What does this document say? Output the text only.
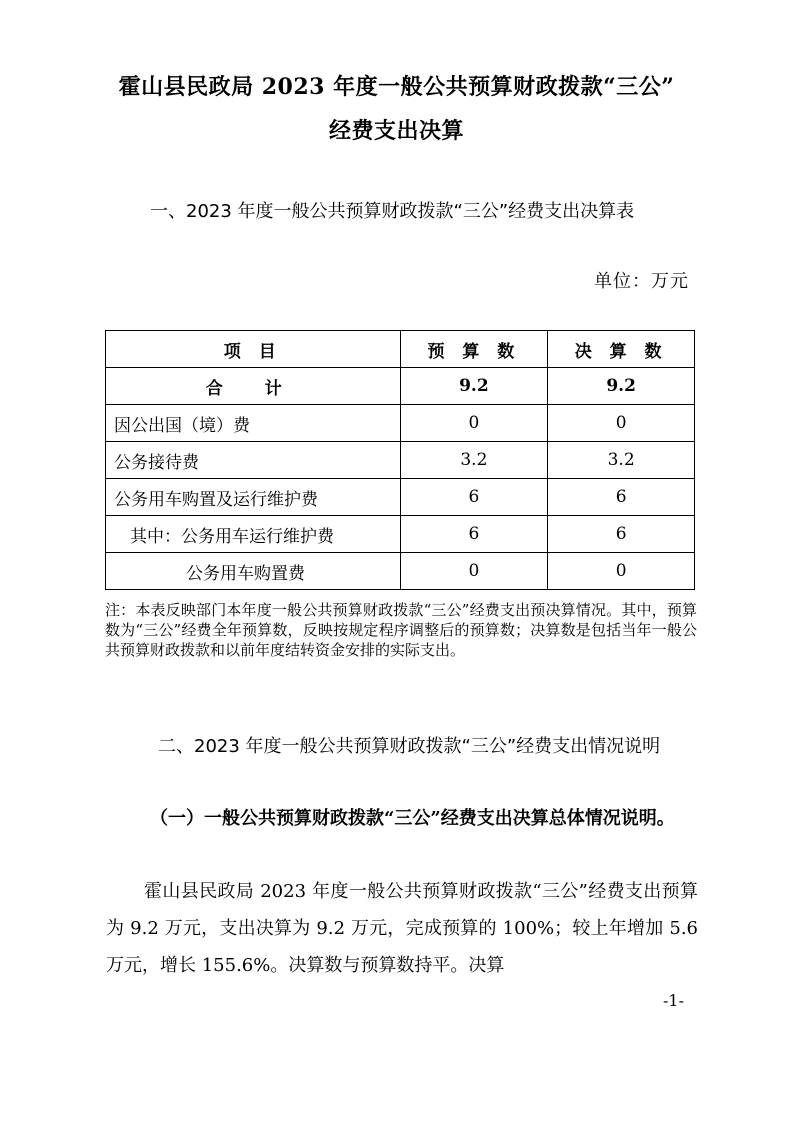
霍山县民政局 2023 年度一般公共预算财政拨款“三公”
经费支出决算
一、2023 年度一般公共预算财政拨款“三公”经费支出决算表
单位：万元
项 目	预 算 数	决 算 数
合 计	9.2	9.2
因公出国（境）费	0	0
公务接待费	3.2	3.2
公务用车购置及运行维护费	6	6
其中：公务用车运行维护费	6	6
公务用车购置费	0	0
注：本表反映部门本年度一般公共预算财政拨款“三公”经费支出预决算情况。其中，预算数为“三公”经费全年预算数，反映按规定程序调整后的预算数；决算数是包括当年一般公共预算财政拨款和以前年度结转资金安排的实际支出。
二、2023 年度一般公共预算财政拨款“三公”经费支出情况说明
（一）一般公共预算财政拨款“三公”经费支出决算总体情况说明。
霍山县民政局 2023 年度一般公共预算财政拨款“三公”经费支出预算为 9.2 万元，支出决算为 9.2 万元，完成预算的 100%；较上年增加 5.6 万元，增长 155.6%。决算数与预算数持平。决算
-1-
